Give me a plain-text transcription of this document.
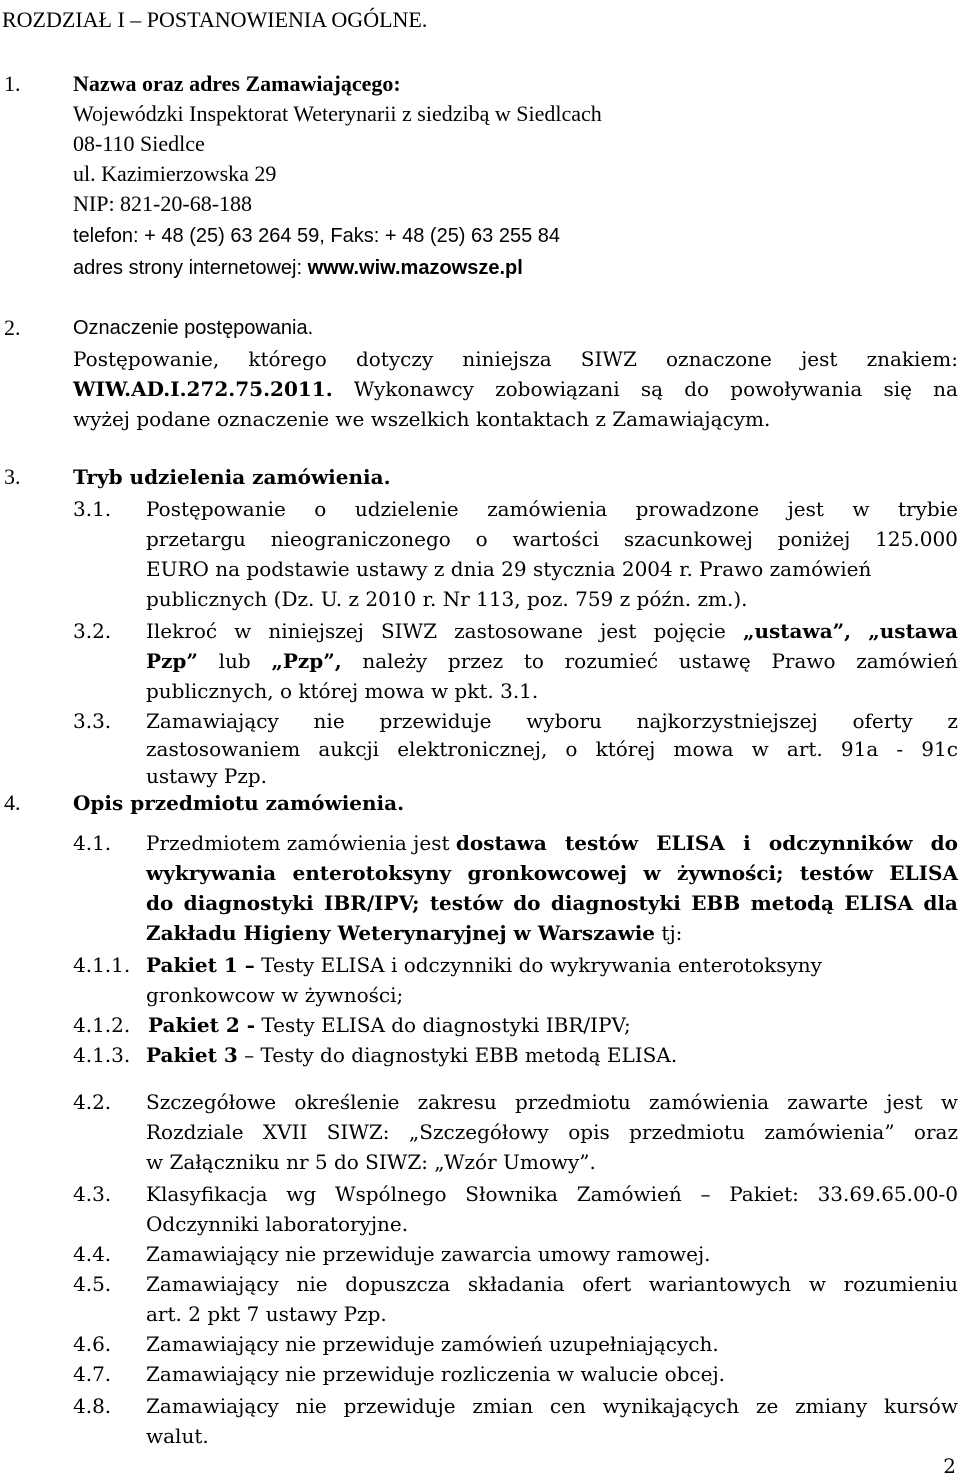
ROZDZIAŁ I – POSTANOWIENIA OGÓLNE.
1. Nazwa oraz adres Zamawiającego:
Wojewódzki Inspektorat Weterynarii z siedzibą w Siedlcach
08-110 Siedlce
ul. Kazimierzowska 29
NIP: 821-20-68-188
telefon: + 48 (25) 63 264 59, Faks: + 48 (25) 63 255 84
adres strony internetowej: www.wiw.mazowsze.pl
2.	Oznaczenie postępowania.
Postępowanie, którego dotyczy niniejsza SIWZ oznaczone jest znakiem:
WIW.AD.I.272.75.2011. Wykonawcy zobowiązani są do powoływania się na
wyżej podane oznaczenie we wszelkich kontaktach z Zamawiającym.
3.	Tryb udzielenia zamówienia.
3.1. Postępowanie o udzielenie zamówienia prowadzone jest w trybie
przetargu nieograniczonego o wartości szacunkowej poniżej 125.000
EURO na podstawie ustawy z dnia 29 stycznia 2004 r. Prawo zamówień
publicznych (Dz. U. z 2010 r. Nr 113, poz. 759 z późn. zm.).
3.2. Ilekroć w niniejszej SIWZ zastosowane jest pojęcie „ustawa”, „ustawa
Pzp” lub „Pzp”, należy przez to rozumieć ustawę Prawo zamówień
publicznych, o której mowa w pkt. 3.1.
3.3. Zamawiający nie przewiduje wyboru najkorzystniejszej oferty z
zastosowaniem aukcji elektronicznej, o której mowa w art. 91a - 91c
ustawy Pzp.
4.	Opis przedmiotu zamówienia.
4.1. Przedmiotem zamówienia jest dostawa testów ELISA i odczynników do
wykrywania enterotoksyny gronkowcowej w żywności; testów ELISA
do diagnostyki IBR/IPV; testów do diagnostyki EBB metodą ELISA dla
Zakładu Higieny Weterynaryjnej w Warszawie tj:
4.1.1. Pakiet 1 – Testy ELISA i odczynniki do wykrywania enterotoksyny
gronkowcow w żywności;
4.1.2. Pakiet 2 - Testy ELISA do diagnostyki IBR/IPV;
4.1.3. Pakiet 3 – Testy do diagnostyki EBB metodą ELISA.
4.2. Szczegółowe określenie zakresu przedmiotu zamówienia zawarte jest w
Rozdziale XVII SIWZ: „Szczegółowy opis przedmiotu zamówienia” oraz
w Załączniku nr 5 do SIWZ: „Wzór Umowy”.
4.3. Klasyfikacja wg Wspólnego Słownika Zamówień – Pakiet: 33.69.65.00-0
Odczynniki laboratoryjne.
4.4. Zamawiający nie przewiduje zawarcia umowy ramowej.
4.5. Zamawiający nie dopuszcza składania ofert wariantowych w rozumieniu
art. 2 pkt 7 ustawy Pzp.
4.6. Zamawiający nie przewiduje zamówień uzupełniających.
4.7. Zamawiający nie przewiduje rozliczenia w walucie obcej.
4.8. Zamawiający nie przewiduje zmian cen wynikających ze zmiany kursów
walut.
2
